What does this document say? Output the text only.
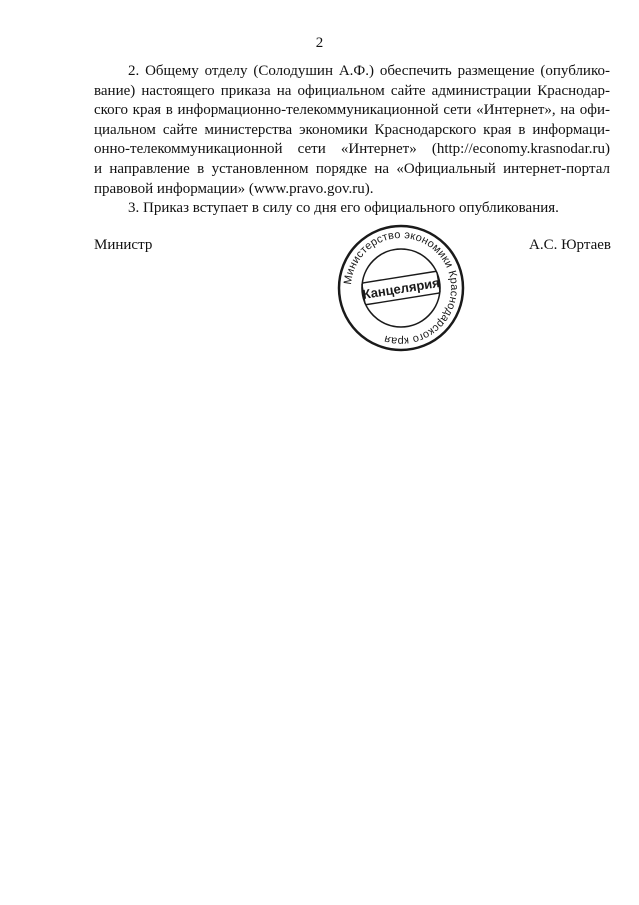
2
2. Общему отделу (Солодушин А.Ф.) обеспечить размещение (опублико-
вание) настоящего приказа на официальном сайте администрации Краснодар-
ского края в информационно-телекоммуникационной сети «Интернет», на офи-
циальном сайте министерства экономики Краснодарского края в информаци-
онно-телекоммуникационной сети «Интернет» (http://economy.krasnodar.ru)
и направление в установленном порядке на «Официальный интернет-портал
правовой информации» (www.pravo.gov.ru).

3. Приказ вступает в силу со дня его официального опубликования.

Министр	А.С. Юртаев
Министерство экономики Краснодарского края
Канцелярия
